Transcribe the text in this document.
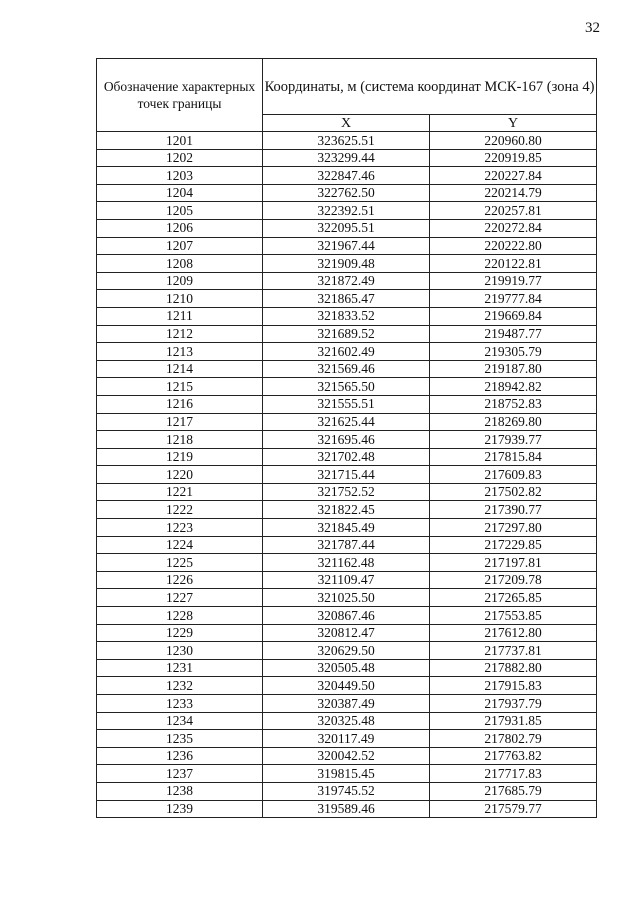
32
Обозначение характерных точек границы	Координаты, м (система координат МСК-167 (зона 4)	
	X	Y
1201	323625.51	220960.80
1202	323299.44	220919.85
1203	322847.46	220227.84
1204	322762.50	220214.79
1205	322392.51	220257.81
1206	322095.51	220272.84
1207	321967.44	220222.80
1208	321909.48	220122.81
1209	321872.49	219919.77
1210	321865.47	219777.84
1211	321833.52	219669.84
1212	321689.52	219487.77
1213	321602.49	219305.79
1214	321569.46	219187.80
1215	321565.50	218942.82
1216	321555.51	218752.83
1217	321625.44	218269.80
1218	321695.46	217939.77
1219	321702.48	217815.84
1220	321715.44	217609.83
1221	321752.52	217502.82
1222	321822.45	217390.77
1223	321845.49	217297.80
1224	321787.44	217229.85
1225	321162.48	217197.81
1226	321109.47	217209.78
1227	321025.50	217265.85
1228	320867.46	217553.85
1229	320812.47	217612.80
1230	320629.50	217737.81
1231	320505.48	217882.80
1232	320449.50	217915.83
1233	320387.49	217937.79
1234	320325.48	217931.85
1235	320117.49	217802.79
1236	320042.52	217763.82
1237	319815.45	217717.83
1238	319745.52	217685.79
1239	319589.46	217579.77
